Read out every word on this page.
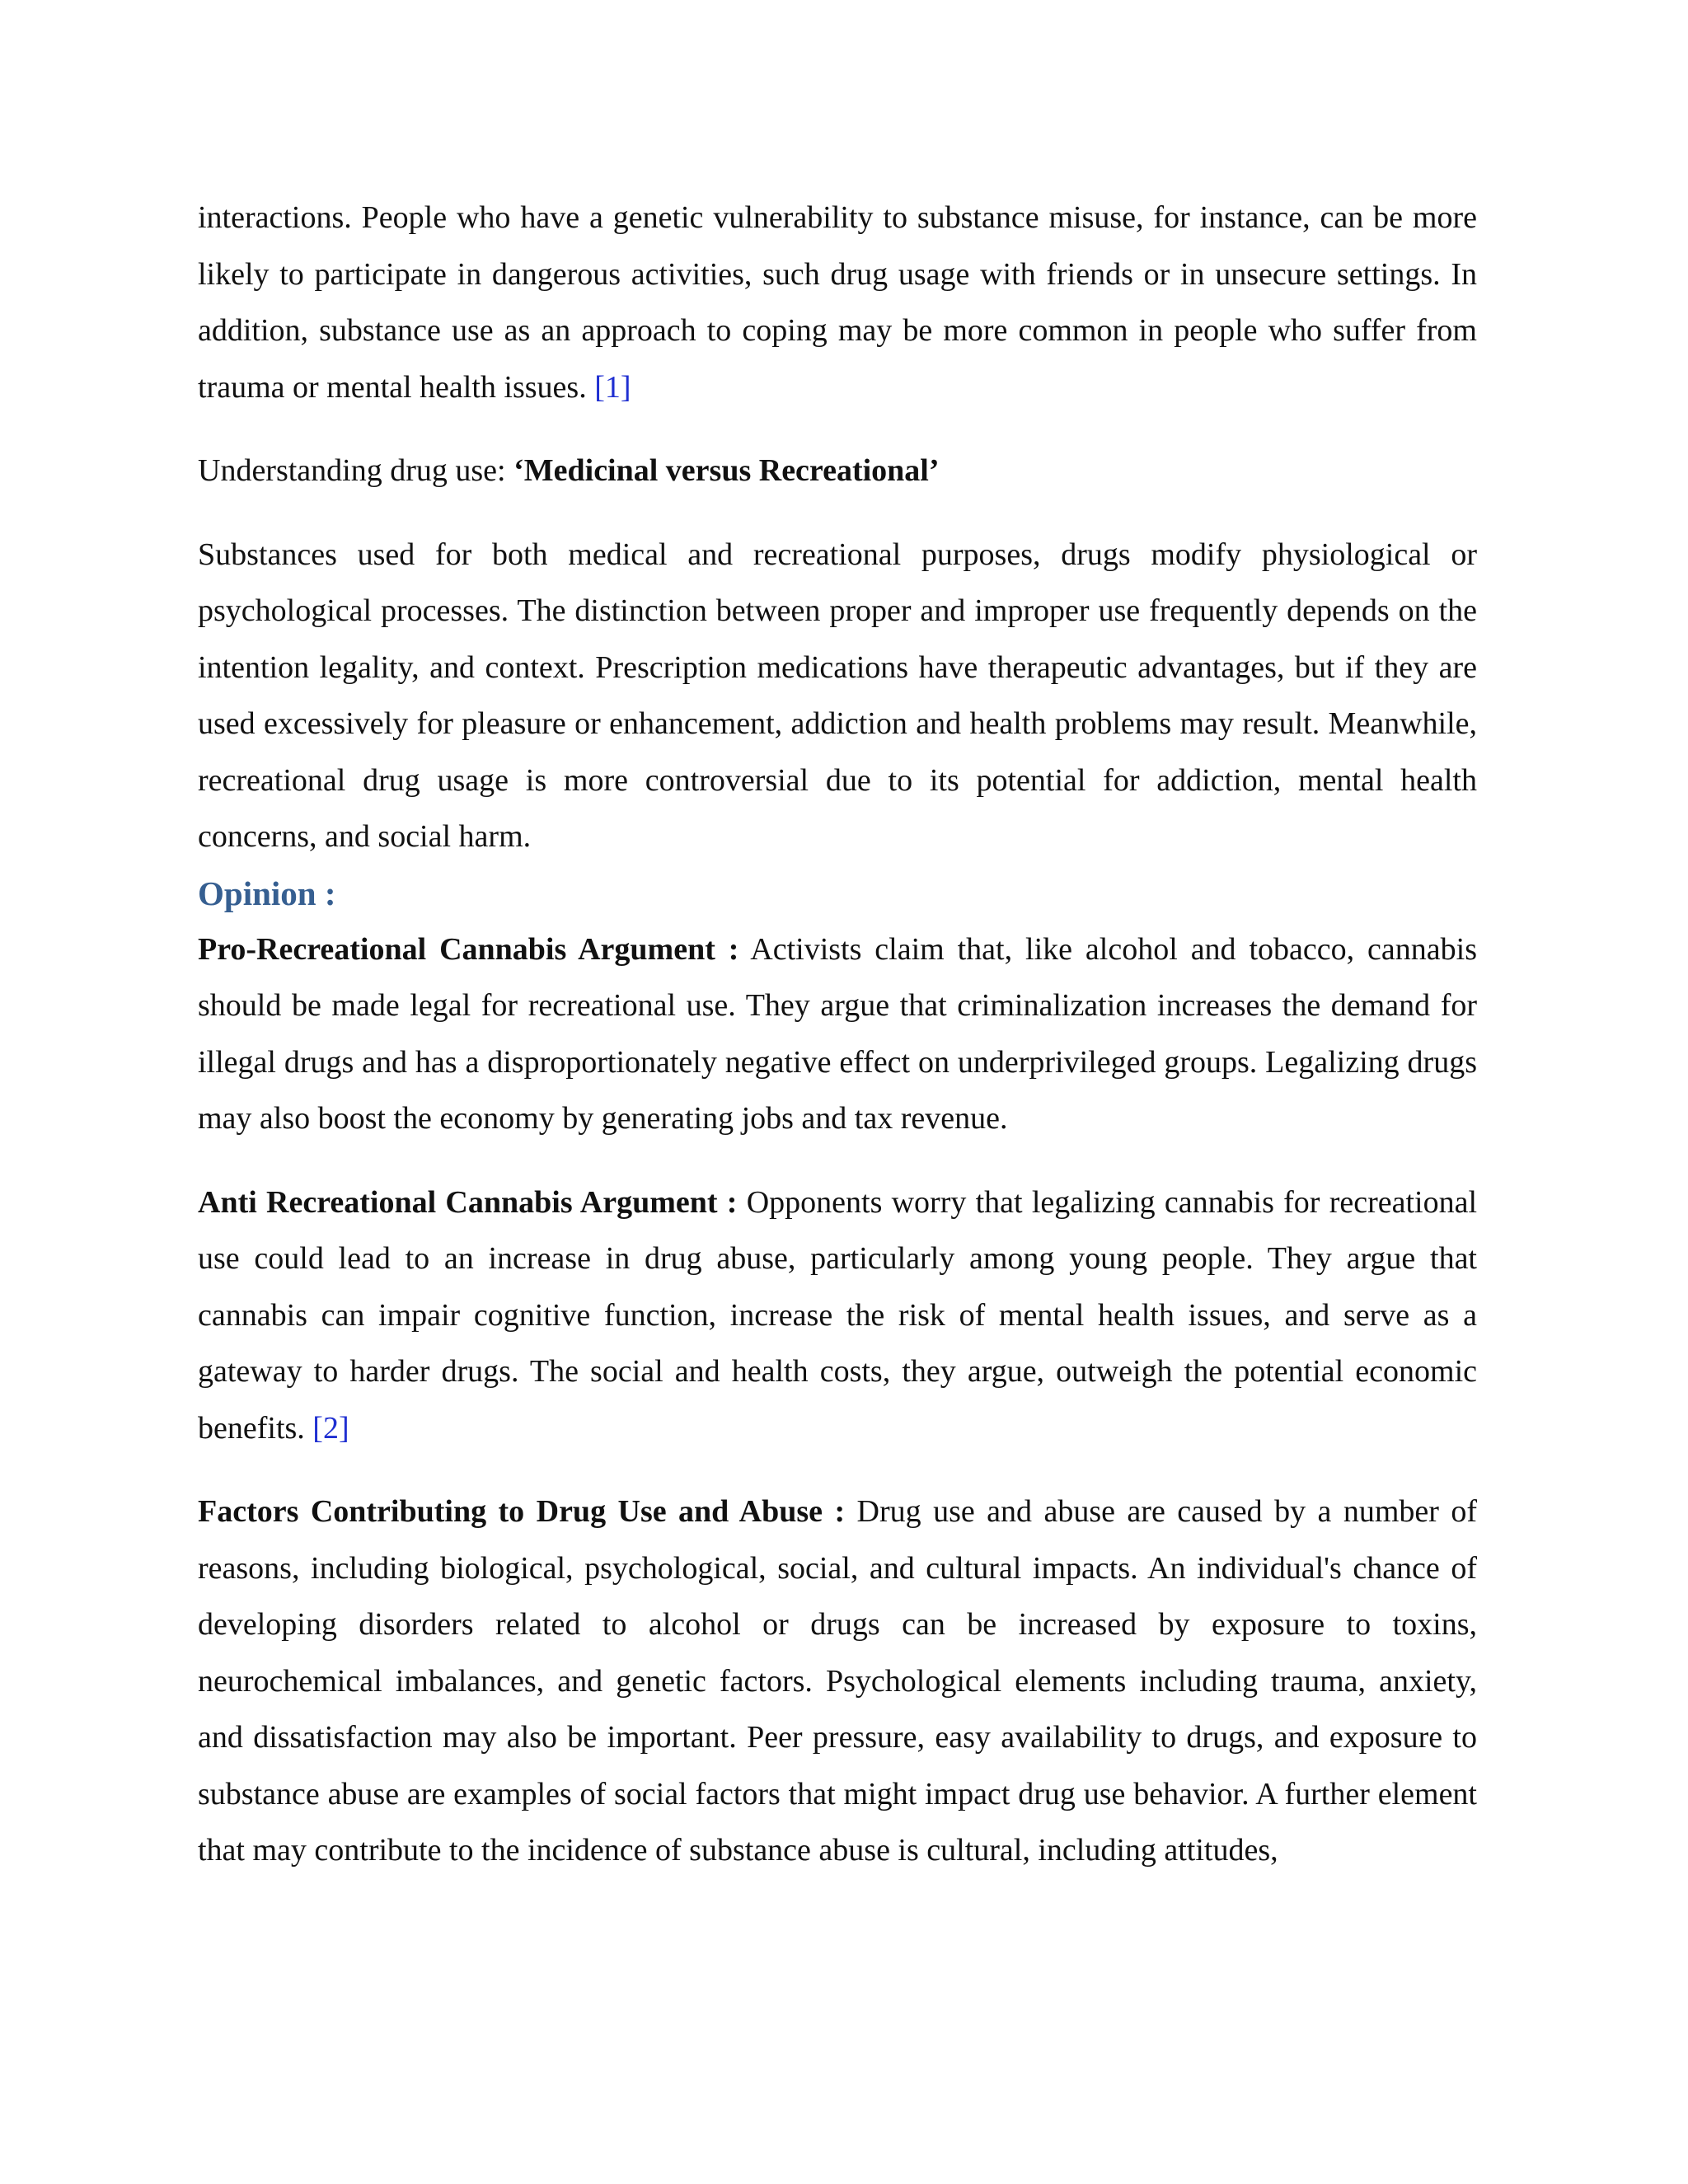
interactions. People who have a genetic vulnerability to substance misuse, for instance, can be more likely to participate in dangerous activities, such drug usage with friends or in unsecure settings. In addition, substance use as an approach to coping may be more common in people who suffer from trauma or mental health issues. [1]

Understanding drug use: ‘Medicinal versus Recreational’

Substances used for both medical and recreational purposes, drugs modify physiological or psychological processes. The distinction between proper and improper use frequently depends on the intention legality, and context. Prescription medications have therapeutic advantages, but if they are used excessively for pleasure or enhancement, addiction and health problems may result. Meanwhile, recreational drug usage is more controversial due to its potential for addiction, mental health concerns, and social harm.

Opinion :

Pro-Recreational Cannabis Argument : Activists claim that, like alcohol and tobacco, cannabis should be made legal for recreational use. They argue that criminalization increases the demand for illegal drugs and has a disproportionately negative effect on underprivileged groups. Legalizing drugs may also boost the economy by generating jobs and tax revenue.

Anti Recreational Cannabis Argument : Opponents worry that legalizing cannabis for recreational use could lead to an increase in drug abuse, particularly among young people. They argue that cannabis can impair cognitive function, increase the risk of mental health issues, and serve as a gateway to harder drugs. The social and health costs, they argue, outweigh the potential economic benefits. [2]

Factors Contributing to Drug Use and Abuse : Drug use and abuse are caused by a number of reasons, including biological, psychological, social, and cultural impacts. An individual's chance of developing disorders related to alcohol or drugs can be increased by exposure to toxins, neurochemical imbalances, and genetic factors. Psychological elements including trauma, anxiety, and dissatisfaction may also be important. Peer pressure, easy availability to drugs, and exposure to substance abuse are examples of social factors that might impact drug use behavior. A further element that may contribute to the incidence of substance abuse is cultural, including attitudes,
